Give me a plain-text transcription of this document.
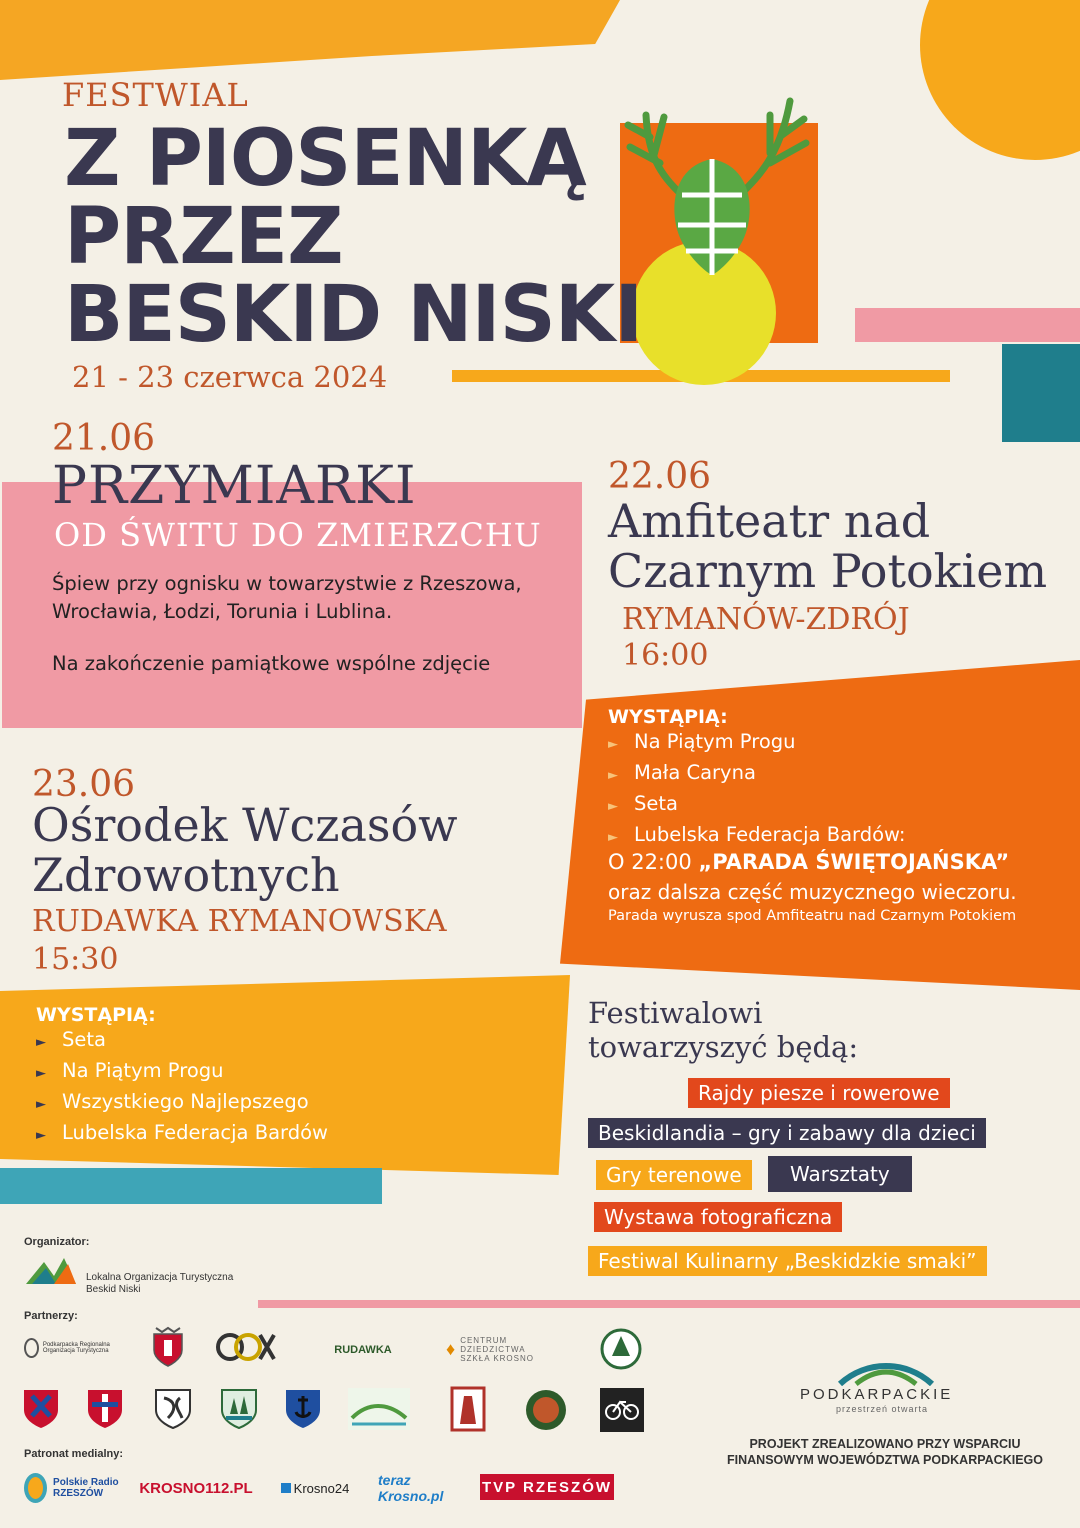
FESTWIAL
Z PIOSENKĄ
PRZEZ
BESKID NISKI
21 - 23 czerwca 2024
21.06
PRZYMIARKI
OD ŚWITU DO ZMIERZCHU
Śpiew przy ognisku w towarzystwie z Rzeszowa,
Wrocławia, Łodzi, Torunia i Lublina.
Na zakończenie pamiątkowe wspólne zdjęcie
22.06
Amfiteatr nad
Czarnym Potokiem
RYMANÓW-ZDRÓJ
16:00
WYSTĄPIĄ:
► Na Piątym Progu
► Mała Caryna
► Seta
► Lubelska Federacja Bardów:
O 22:00 „PARADA ŚWIĘTOJAŃSKA”
oraz dalsza część muzycznego wieczoru.
Parada wyrusza spod Amfiteatru nad Czarnym Potokiem
23.06
Ośrodek Wczasów
Zdrowotnych
RUDAWKA RYMANOWSKA
15:30
WYSTĄPIĄ:
► Seta
► Na Piątym Progu
► Wszystkiego Najlepszego
► Lubelska Federacja Bardów
Festiwalowi
towarzyszyć będą:
Rajdy piesze i rowerowe
Beskidlandia – gry i zabawy dla dzieci
Gry terenowe	Warsztaty
Wystawa fotograficzna
Festiwal Kulinarny „Beskidzkie smaki”
Organizator:
Lokalna Organizacja Turystyczna
Beskid Niski
Partnerzy:
Podkarpacka Regionalna Organizacja Turystyczna	RUDAWKA	♦ CENTRUM DZIEDZICTWA SZKŁA KROSNO
PODKARPACKIE
przestrzeń otwarta
PROJEKT ZREALIZOWANO PRZY WSPARCIU
FINANSOWYM WOJEWÓDZTWA PODKARPACKIEGO
Patronat medialny:
Polskie Radio RZESZÓW	KROSNO112.PL	Krosno24 teraz Krosno.pl
TVP RZESZÓW
